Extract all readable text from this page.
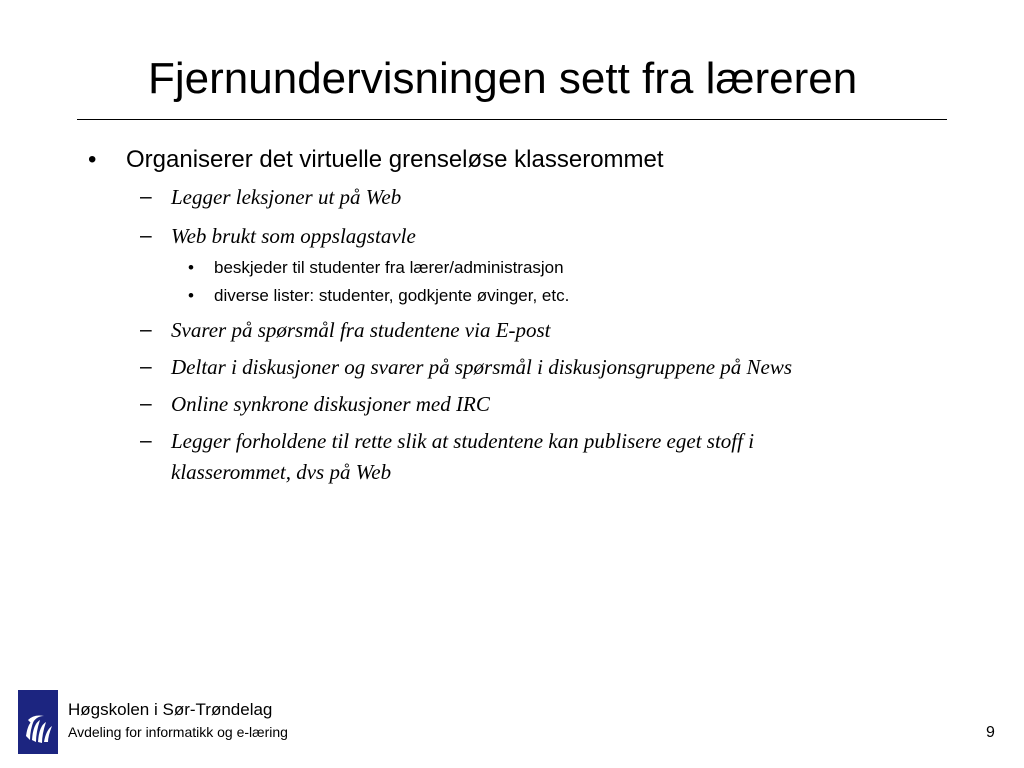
Fjernundervisningen sett fra læreren
• Organiserer det virtuelle grenseløse klasserommet
– Legger leksjoner ut på Web
– Web brukt som oppslagstavle
• beskjeder til studenter fra lærer/administrasjon
• diverse lister: studenter, godkjente øvinger, etc.
– Svarer på spørsmål fra studentene via E-post
– Deltar i diskusjoner og svarer på spørsmål i diskusjonsgruppene på News
– Online synkrone diskusjoner med IRC
– Legger forholdene til rette slik at studentene kan publisere eget stoff i
klasserommet, dvs på Web
Høgskolen i Sør-Trøndelag
Avdeling for informatikk og e-læring	9
